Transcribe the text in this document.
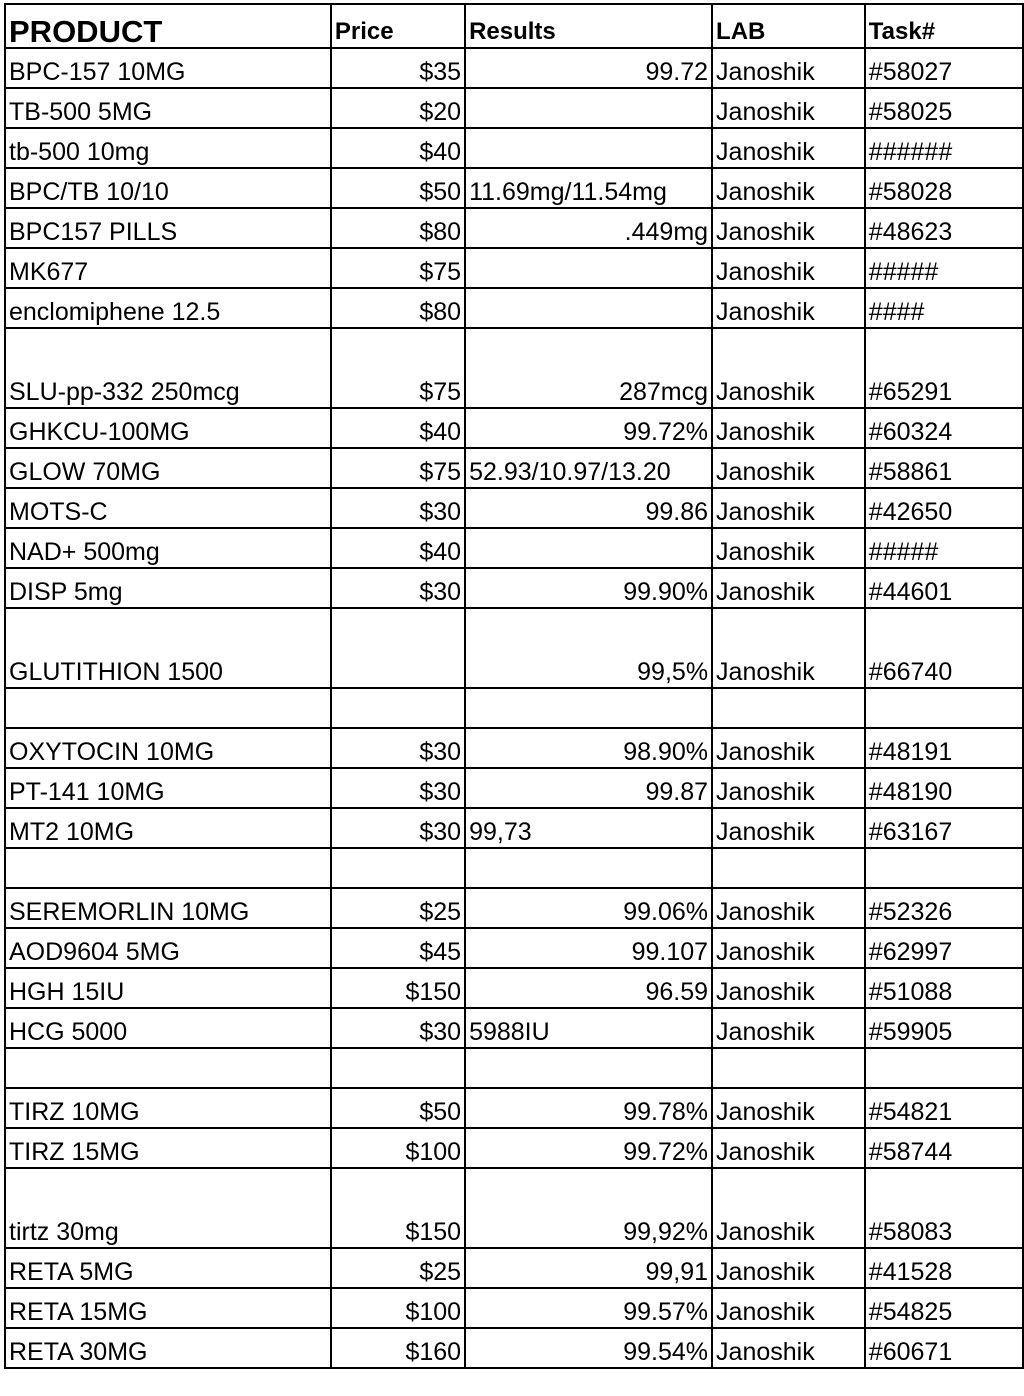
PRODUCT	Price	Results	LAB	Task#
BPC-157 10MG	$35	99.72	Janoshik	#58027
TB-500 5MG	$20		Janoshik	#58025
tb-500 10mg	$40		Janoshik	######
BPC/TB 10/10	$50	11.69mg/11.54mg	Janoshik	#58028
BPC157 PILLS	$80	.449mg	Janoshik	#48623
MK677	$75		Janoshik	#####
enclomiphene 12.5	$80		Janoshik	####
SLU-pp-332 250mcg	$75	287mcg	Janoshik	#65291
GHKCU-100MG	$40	99.72%	Janoshik	#60324
GLOW 70MG	$75	52.93/10.97/13.20	Janoshik	#58861
MOTS-C	$30	99.86	Janoshik	#42650
NAD+ 500mg	$40		Janoshik	#####
DISP 5mg	$30	99.90%	Janoshik	#44601
GLUTITHION 1500		99,5%	Janoshik	#66740

OXYTOCIN 10MG	$30	98.90%	Janoshik	#48191
PT-141 10MG	$30	99.87	Janoshik	#48190
MT2 10MG	$30	99,73	Janoshik	#63167

SEREMORLIN 10MG	$25	99.06%	Janoshik	#52326
AOD9604 5MG	$45	99.107	Janoshik	#62997
HGH 15IU	$150	96.59	Janoshik	#51088
HCG 5000	$30	5988IU	Janoshik	#59905

TIRZ 10MG	$50	99.78%	Janoshik	#54821
TIRZ 15MG	$100	99.72%	Janoshik	#58744
tirtz 30mg	$150	99,92%	Janoshik	#58083
RETA 5MG	$25	99,91	Janoshik	#41528
RETA 15MG	$100	99.57%	Janoshik	#54825
RETA 30MG	$160	99.54%	Janoshik	#60671
